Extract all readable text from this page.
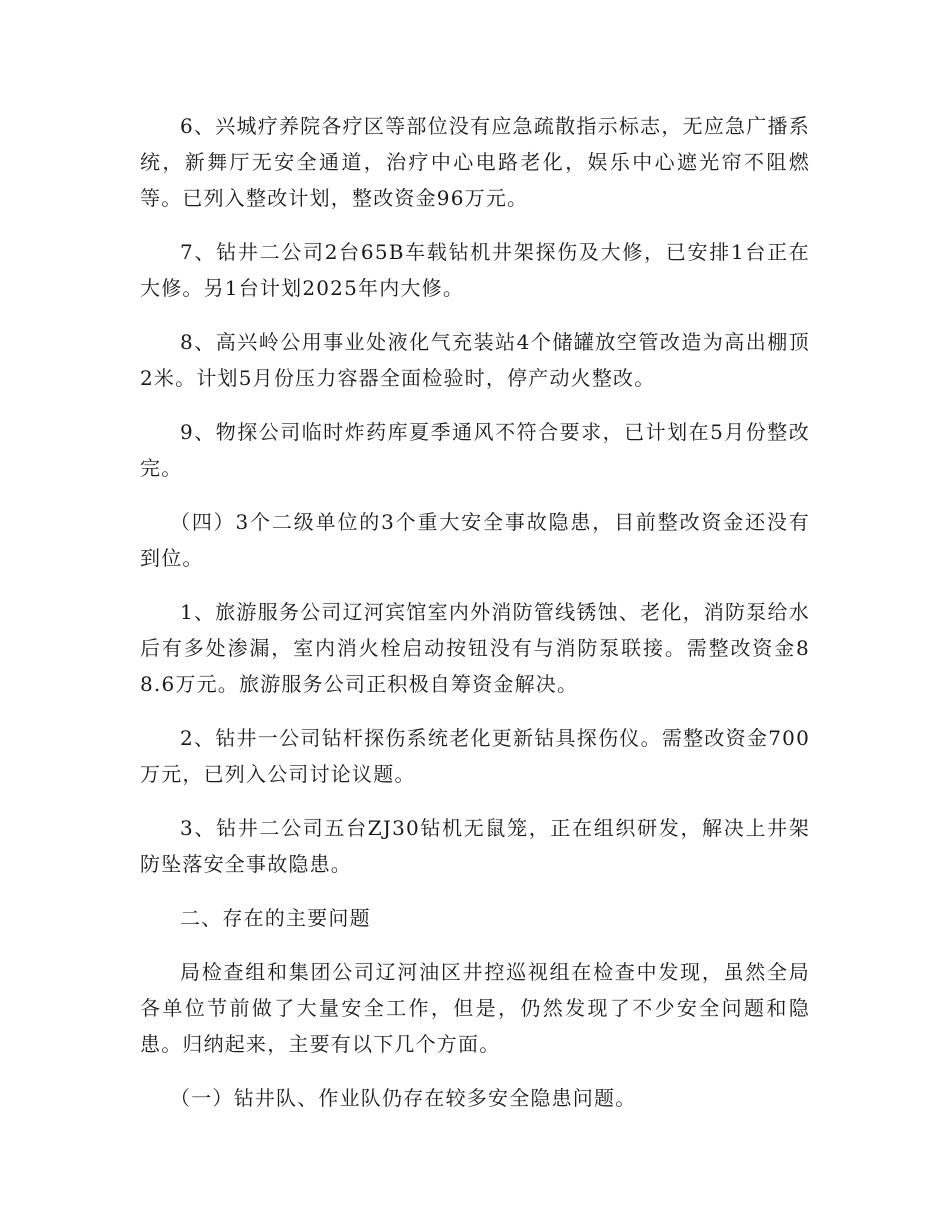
6、兴城疗养院各疗区等部位没有应急疏散指示标志，无应急广播系统，新舞厅无安全通道，治疗中心电路老化，娱乐中心遮光帘不阻燃等。已列入整改计划，整改资金96万元。

7、钻井二公司2台65B车载钻机井架探伤及大修，已安排1台正在大修。另1台计划2025年内大修。

8、高兴岭公用事业处液化气充装站4个储罐放空管改造为高出棚顶2米。计划5月份压力容器全面检验时，停产动火整改。

9、物探公司临时炸药库夏季通风不符合要求，已计划在5月份整改完。

（四）3个二级单位的3个重大安全事故隐患，目前整改资金还没有到位。

1、旅游服务公司辽河宾馆室内外消防管线锈蚀、老化，消防泵给水后有多处渗漏，室内消火栓启动按钮没有与消防泵联接。需整改资金88.6万元。旅游服务公司正积极自筹资金解决。

2、钻井一公司钻杆探伤系统老化更新钻具探伤仪。需整改资金700万元，已列入公司讨论议题。

3、钻井二公司五台ZJ30钻机无鼠笼，正在组织研发，解决上井架防坠落安全事故隐患。

二、存在的主要问题

局检查组和集团公司辽河油区井控巡视组在检查中发现，虽然全局各单位节前做了大量安全工作，但是，仍然发现了不少安全问题和隐患。归纳起来，主要有以下几个方面。

（一）钻井队、作业队仍存在较多安全隐患问题。
